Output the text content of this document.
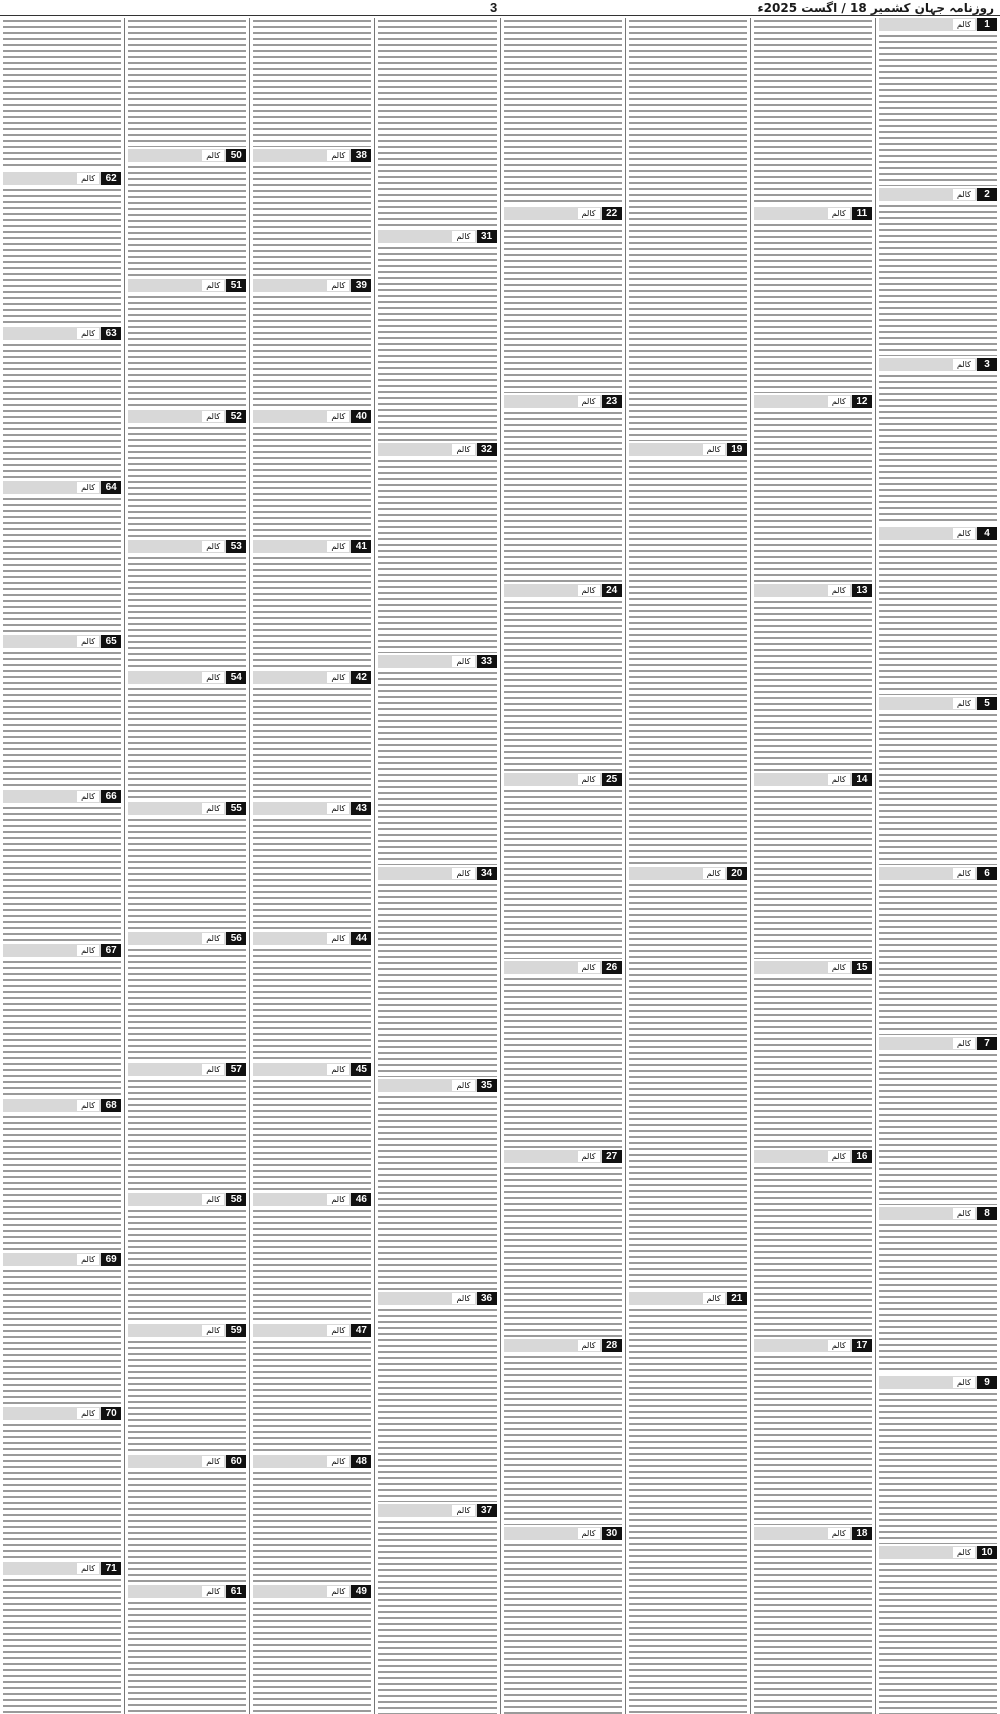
روزنامہ جہانِ کشمیر 18 / اگست 2025ء
3
1
کالم
2
کالم
3
کالم
4
کالم
5
کالم
6
کالم
7
کالم
8
کالم
9
کالم
10
کالم
11
کالم
12
کالم
13
کالم
14
کالم
15
کالم
16
کالم
17
کالم
18
کالم
19
کالم
20
کالم
21
کالم
22
کالم
23
کالم
24
کالم
25
کالم
26
کالم
27
کالم
28
کالم
30
کالم
31
کالم
32
کالم
33
کالم
34
کالم
35
کالم
36
کالم
37
کالم
38
کالم
39
کالم
40
کالم
41
کالم
42
کالم
43
کالم
44
کالم
45
کالم
46
کالم
47
کالم
48
کالم
49
کالم
50
کالم
51
کالم
52
کالم
53
کالم
54
کالم
55
کالم
56
کالم
57
کالم
58
کالم
59
کالم
60
کالم
61
کالم
62
کالم
63
کالم
64
کالم
65
کالم
66
کالم
67
کالم
68
کالم
69
کالم
70
کالم
71
کالم
